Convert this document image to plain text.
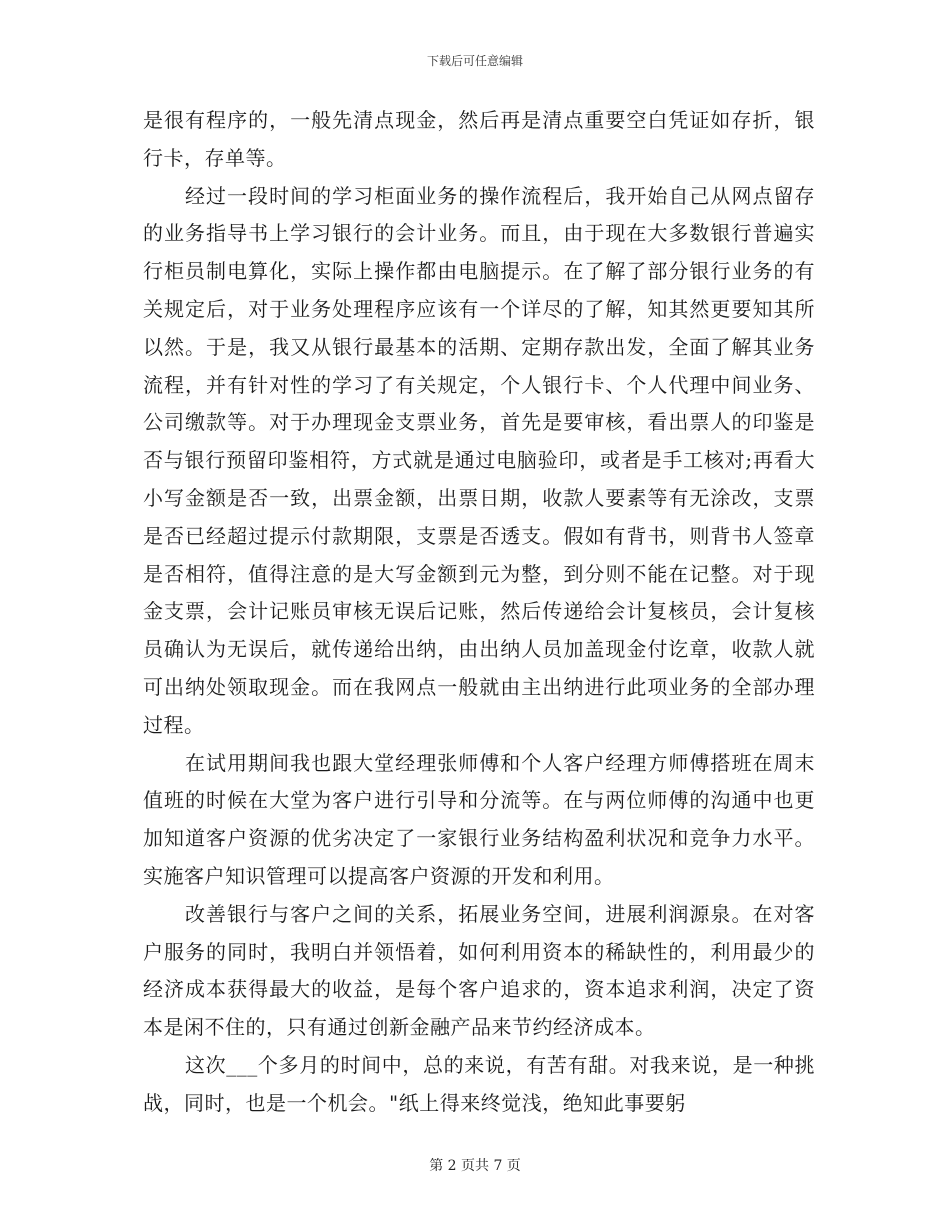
下载后可任意编辑

是很有程序的，一般先清点现金，然后再是清点重要空白凭证如存折，银行卡，存单等。

经过一段时间的学习柜面业务的操作流程后，我开始自己从网点留存的业务指导书上学习银行的会计业务。而且，由于现在大多数银行普遍实行柜员制电算化，实际上操作都由电脑提示。在了解了部分银行业务的有关规定后，对于业务处理程序应该有一个详尽的了解，知其然更要知其所以然。于是，我又从银行最基本的活期、定期存款出发，全面了解其业务流程，并有针对性的学习了有关规定，个人银行卡、个人代理中间业务、公司缴款等。对于办理现金支票业务，首先是要审核，看出票人的印鉴是否与银行预留印鉴相符，方式就是通过电脑验印，或者是手工核对;再看大小写金额是否一致，出票金额，出票日期，收款人要素等有无涂改，支票是否已经超过提示付款期限，支票是否透支。假如有背书，则背书人签章是否相符，值得注意的是大写金额到元为整，到分则不能在记整。对于现金支票，会计记账员审核无误后记账，然后传递给会计复核员，会计复核员确认为无误后，就传递给出纳，由出纳人员加盖现金付讫章，收款人就可出纳处领取现金。而在我网点一般就由主出纳进行此项业务的全部办理过程。

在试用期间我也跟大堂经理张师傅和个人客户经理方师傅搭班在周末值班的时候在大堂为客户进行引导和分流等。在与两位师傅的沟通中也更加知道客户资源的优劣决定了一家银行业务结构盈利状况和竞争力水平。实施客户知识管理可以提高客户资源的开发和利用。

改善银行与客户之间的关系，拓展业务空间，进展利润源泉。在对客户服务的同时，我明白并领悟着，如何利用资本的稀缺性的，利用最少的经济成本获得最大的收益，是每个客户追求的，资本追求利润，决定了资本是闲不住的，只有通过创新金融产品来节约经济成本。

这次___个多月的时间中，总的来说，有苦有甜。对我来说，是一种挑战，同时，也是一个机会。"纸上得来终觉浅，绝知此事要躬

第 2 页共 7 页
